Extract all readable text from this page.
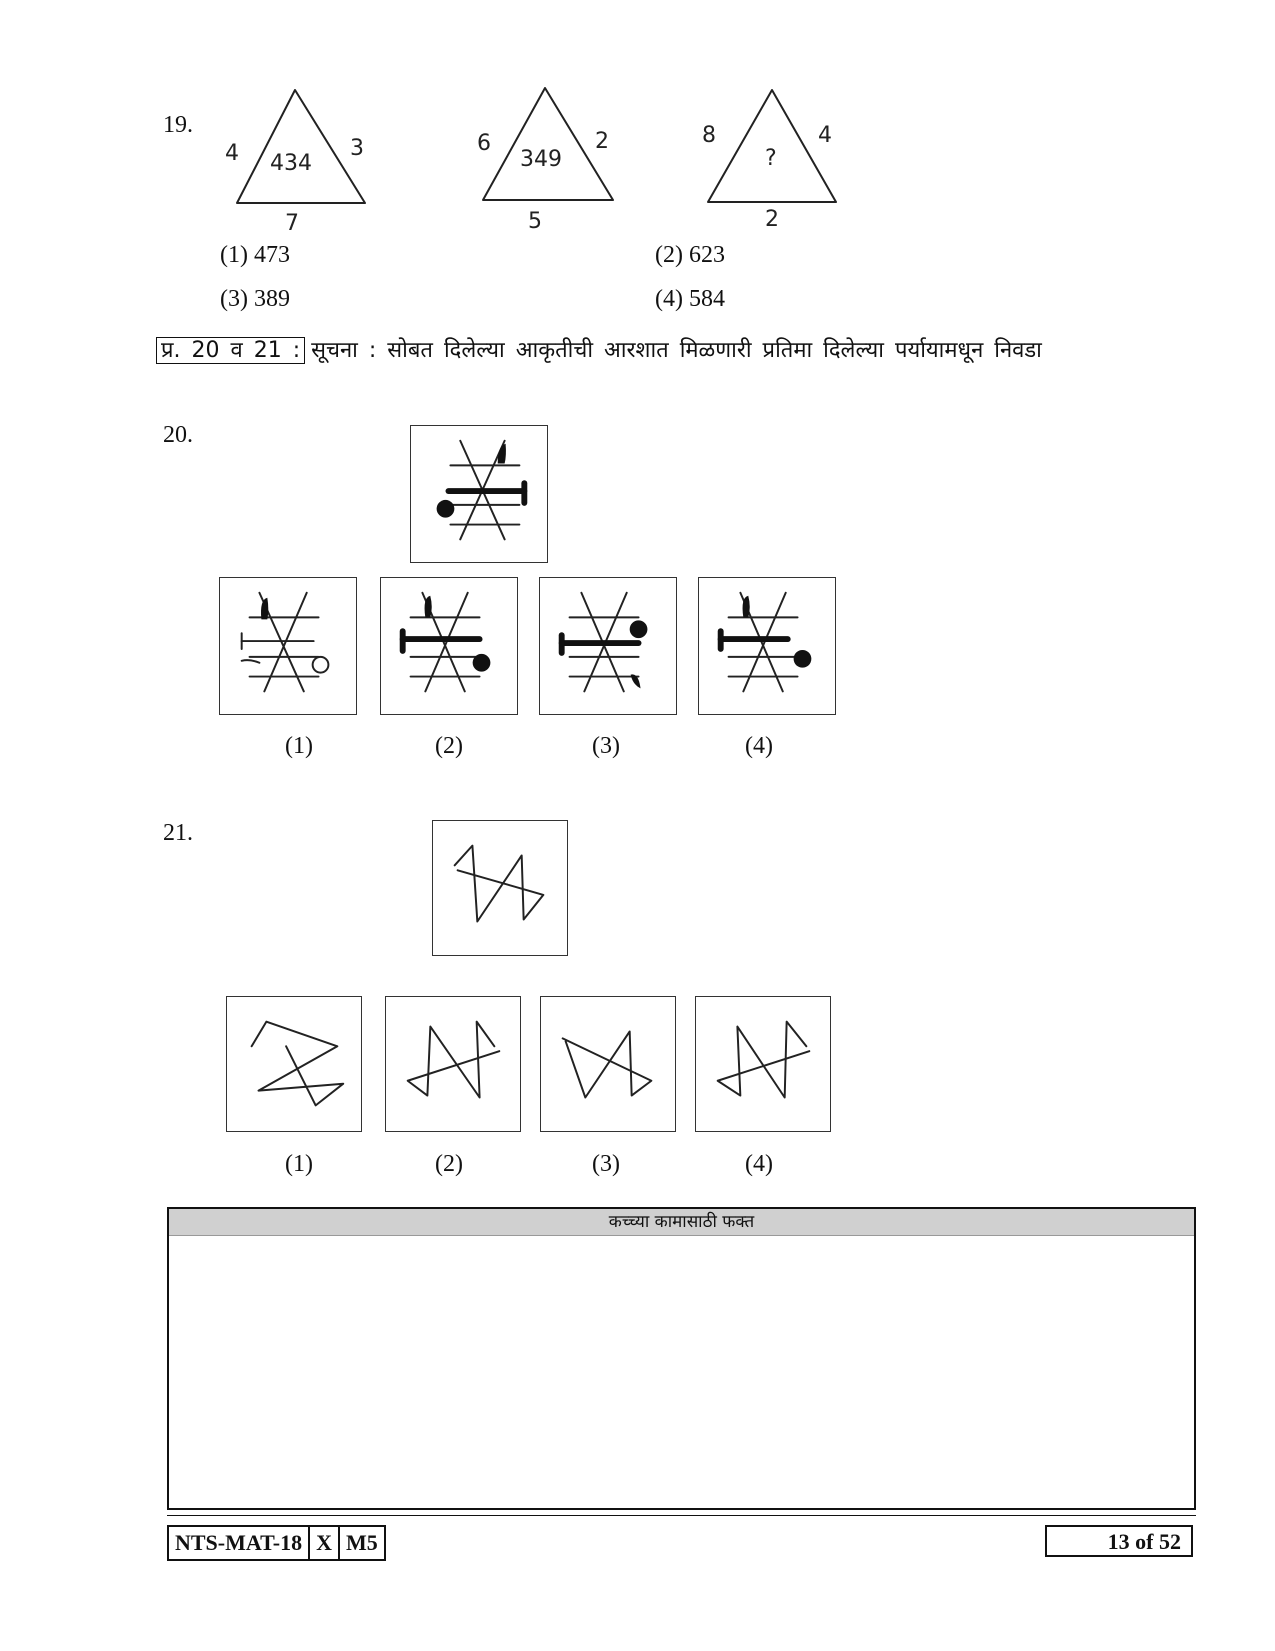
19.
4	3
434
7
6	2
349
5
8	4
?
2
(1) 473	(2) 623
(3) 389	(4) 584
प्र. 20 व 21 : सूचना : सोबत दिलेल्या आकृतीची आरशात मिळणारी प्रतिमा दिलेल्या पर्यायामधून निवडा
20.
(1)	(2)	(3)	(4)
21.
(1)	(2)	(3)	(4)
कच्च्या कामासाठी फक्त
NTS-MAT-18 X M5	13 of 52
